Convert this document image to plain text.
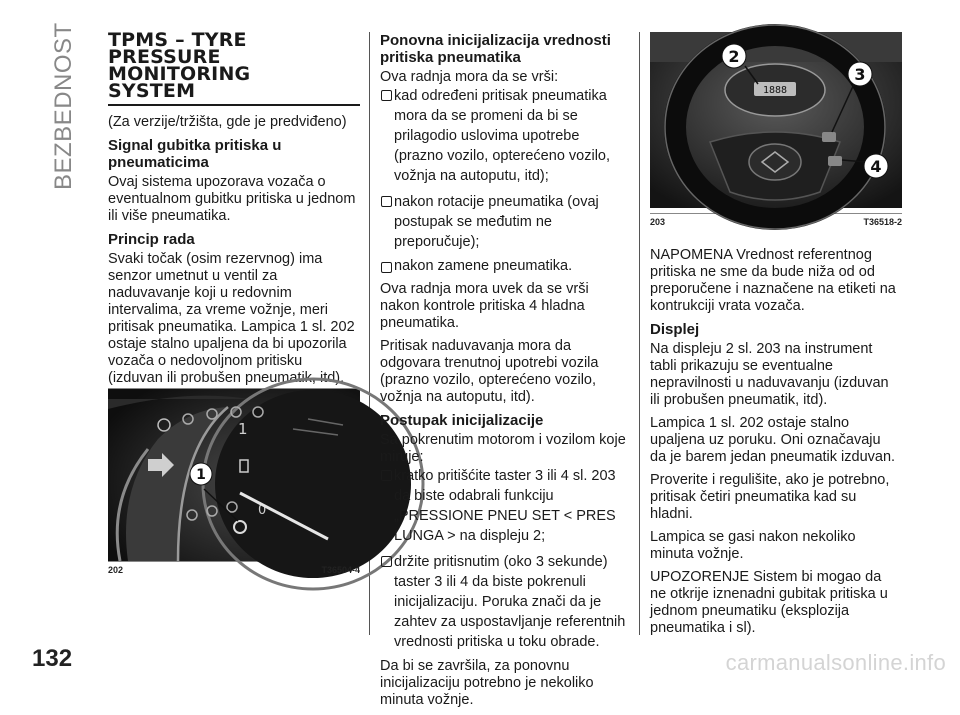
BEZBEDNOST
132	carmanualsonline.info
TPMS – TYRE
PRESSURE
MONITORING
SYSTEM

(Za verzije/tržišta, gde je predviđeno)

Signal gubitka pritiska u pneumaticima

Ovaj sistema upozorava vozača o eventualnom gubitku pritiska u jednom ili više pneumatika.

Princip rada

Svaki točak (osim rezervnog) ima senzor umetnut u ventil za naduvavanje koji u redovnim intervalima, za vreme vožnje, meri pritisak pneumatika. Lampica 1 sl. 202 ostaje stalno upaljena da bi upozorila vozača o nedovoljnom pritisku (izduvan ili probušen pneumatik, itd).

1
0
1
202	T36504-4
Ponovna inicijalizacija vrednosti pritiska pneumatika

Ova radnja mora da se vrši:

kad određeni pritisak pneumatika mora da se promeni da bi se prilagodio uslovima upotrebe (prazno vozilo, opterećeno vozilo, vožnja na autoputu, itd);

nakon rotacije pneumatika (ovaj postupak se međutim ne preporučuje);

nakon zamene pneumatika.

Ova radnja mora uvek da se vrši nakon kontrole pritiska 4 hladna pneumatika.

Pritisak naduvavanja mora da odgovara trenutnoj upotrebi vozila (prazno vozilo, opterećeno vozilo, vožnja na autoputu, itd).

Postupak inicijalizacije

Sa pokrenutim motorom i vozilom koje miruje:

kratko pritišćite taster 3 ili 4 sl. 203 da biste odabrali funkciju „PRESSIONE PNEU SET < PRES LUNGA > na displeju 2;

držite pritisnutim (oko 3 sekunde) taster 3 ili 4 da biste pokrenuli inicijalizaciju. Poruka znači da je zahtev za uspostavljanje referentnih vrednosti pritiska u toku obrade.

Da bi se završila, za ponovnu inicijalizaciju potrebno je nekoliko minuta vožnje.

1888
2
3
4
203	T36518-2

NAPOMENA Vrednost referentnog pritiska ne sme da bude niža od od preporučene i naznačene na etiketi na kontrukciji vrata vozača.

Displej

Na displeju 2 sl. 203 na instrument tabli prikazuju se eventualne nepravilnosti u naduvavanju (izduvan ili probušen pneumatik, itd).

Lampica 1 sl. 202 ostaje stalno upaljena uz poruku. Oni označavaju da je barem jedan pneumatik izduvan.

Proverite i regulišite, ako je potrebno, pritisak četiri pneumatika kad su hladni.

Lampica se gasi nakon nekoliko minuta vožnje.

UPOZORENJE Sistem bi mogao da ne otkrije iznenadni gubitak pritiska u jednom pneumatiku (eksplozija pneumatika i sl).
